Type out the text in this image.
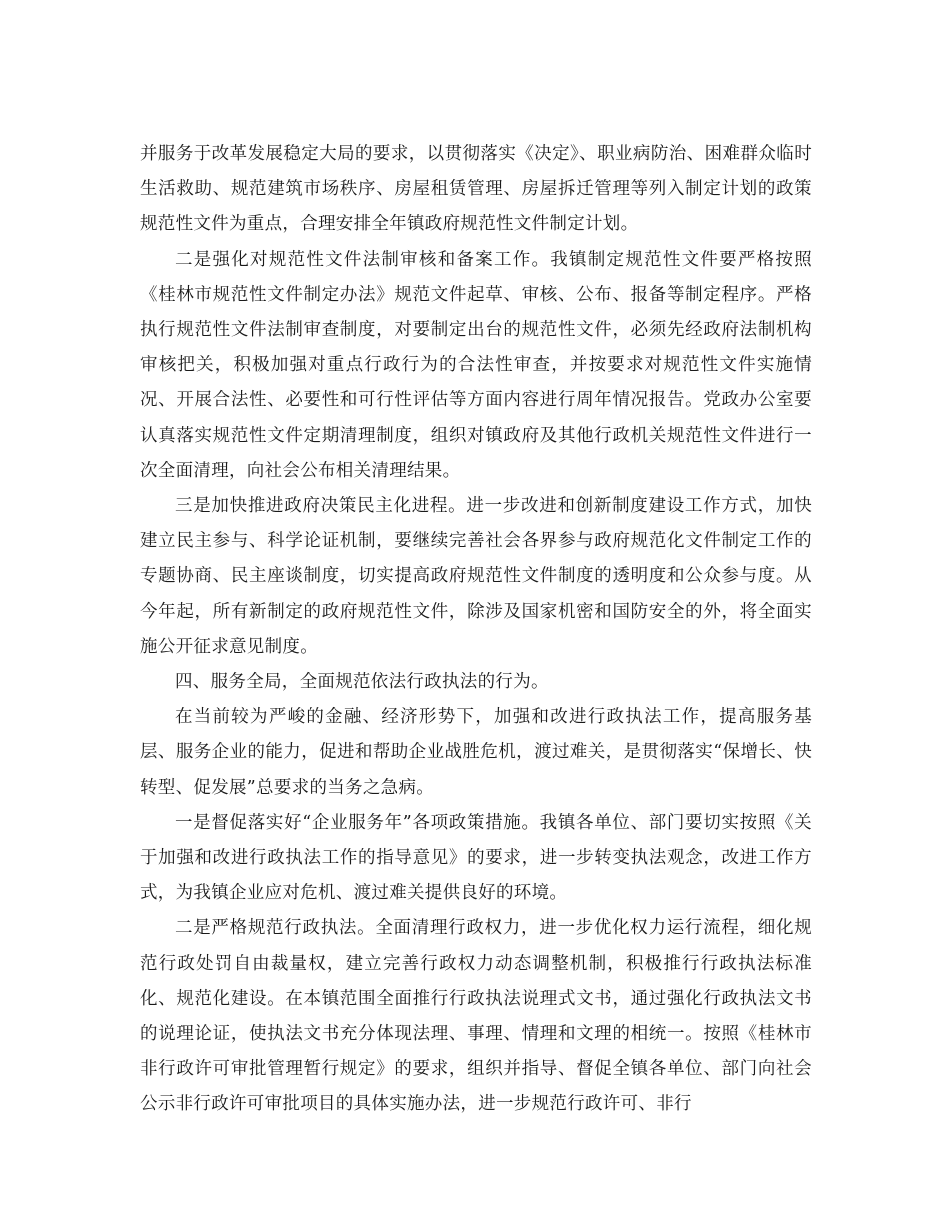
并服务于改革发展稳定大局的要求，以贯彻落实《决定》、职业病防治、困难群众临时生活救助、规范建筑市场秩序、房屋租赁管理、房屋拆迁管理等列入制定计划的政策规范性文件为重点，合理安排全年镇政府规范性文件制定计划。

二是强化对规范性文件法制审核和备案工作。我镇制定规范性文件要严格按照《桂林市规范性文件制定办法》规范文件起草、审核、公布、报备等制定程序。严格执行规范性文件法制审查制度，对要制定出台的规范性文件，必须先经政府法制机构审核把关，积极加强对重点行政行为的合法性审查，并按要求对规范性文件实施情况、开展合法性、必要性和可行性评估等方面内容进行周年情况报告。党政办公室要认真落实规范性文件定期清理制度，组织对镇政府及其他行政机关规范性文件进行一次全面清理，向社会公布相关清理结果。

三是加快推进政府决策民主化进程。进一步改进和创新制度建设工作方式，加快建立民主参与、科学论证机制，要继续完善社会各界参与政府规范化文件制定工作的专题协商、民主座谈制度，切实提高政府规范性文件制度的透明度和公众参与度。从今年起，所有新制定的政府规范性文件，除涉及国家机密和国防安全的外，将全面实施公开征求意见制度。

四、服务全局，全面规范依法行政执法的行为。

在当前较为严峻的金融、经济形势下，加强和改进行政执法工作，提高服务基层、服务企业的能力，促进和帮助企业战胜危机，渡过难关，是贯彻落实“保增长、快转型、促发展”总要求的当务之急病。

一是督促落实好“企业服务年”各项政策措施。我镇各单位、部门要切实按照《关于加强和改进行政执法工作的指导意见》的要求，进一步转变执法观念，改进工作方式，为我镇企业应对危机、渡过难关提供良好的环境。

二是严格规范行政执法。全面清理行政权力，进一步优化权力运行流程，细化规范行政处罚自由裁量权，建立完善行政权力动态调整机制，积极推行行政执法标准化、规范化建设。在本镇范围全面推行行政执法说理式文书，通过强化行政执法文书的说理论证，使执法文书充分体现法理、事理、情理和文理的相统一。按照《桂林市非行政许可审批管理暂行规定》的要求，组织并指导、督促全镇各单位、部门向社会公示非行政许可审批项目的具体实施办法，进一步规范行政许可、非行
